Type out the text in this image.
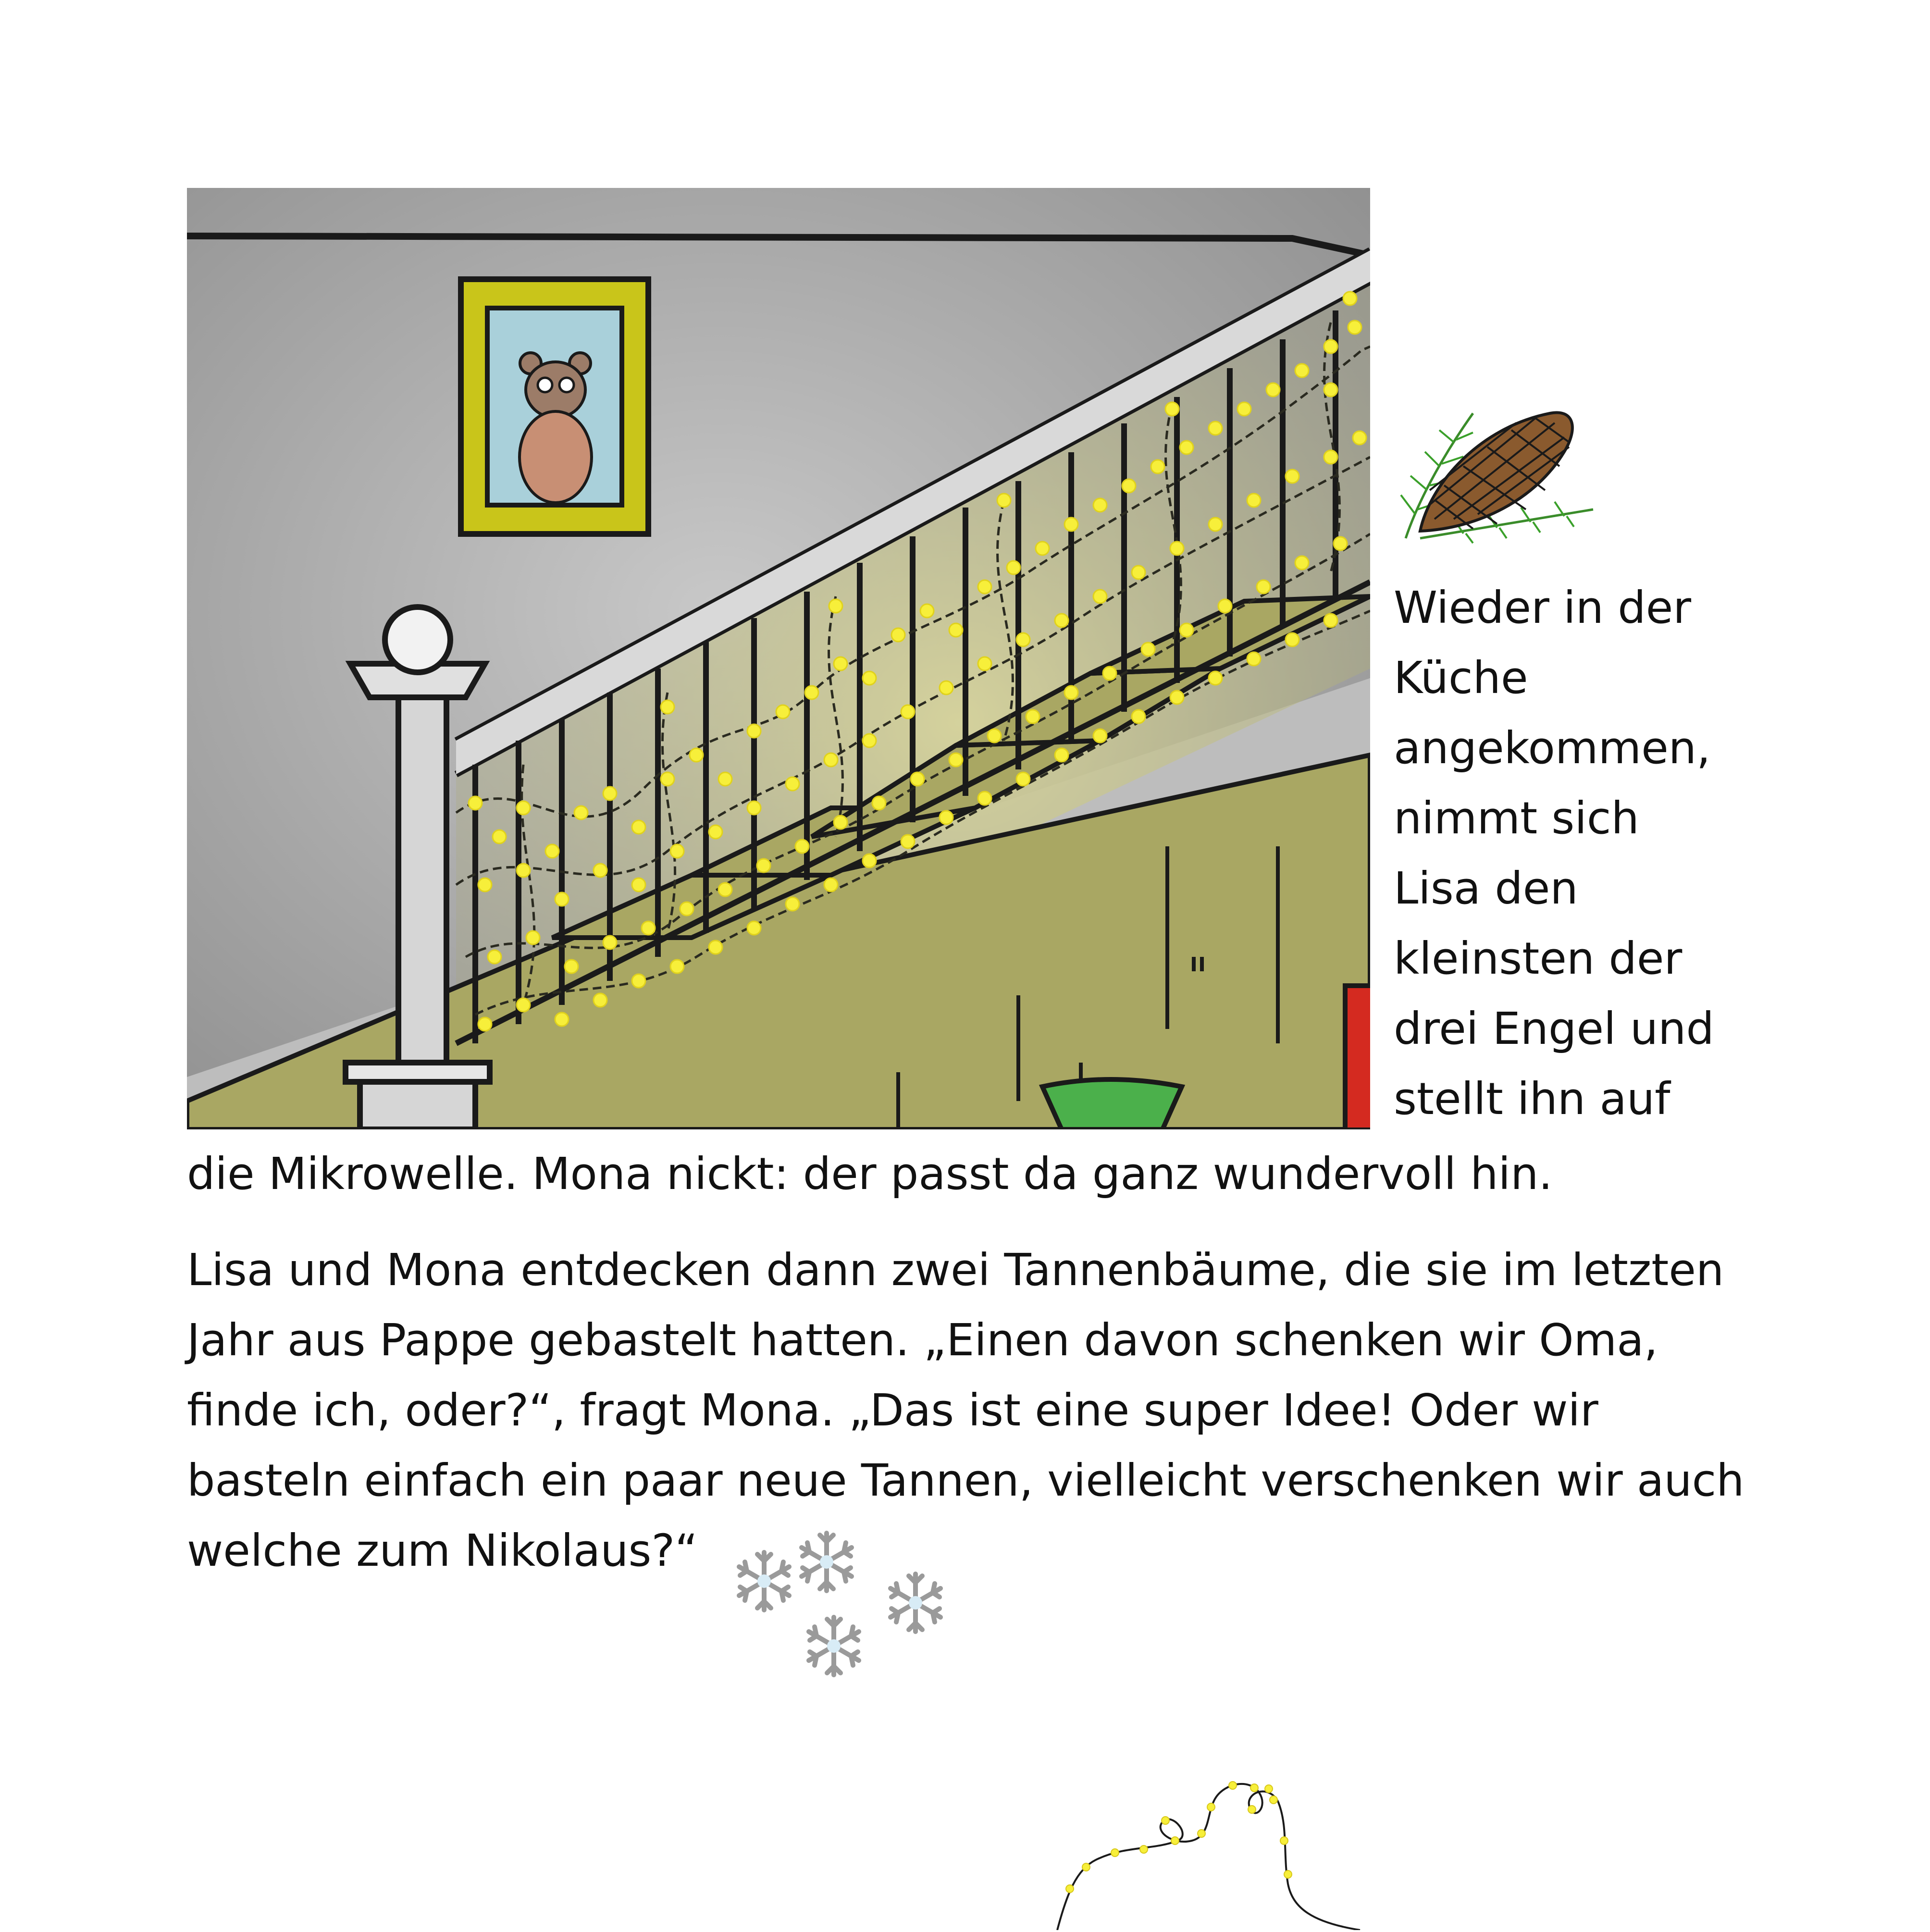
Wieder in der
Küche
angekommen,
nimmt sich
Lisa den
kleinsten der
drei Engel und
stellt ihn auf
die Mikrowelle. Mona nickt: der passt da ganz wundervoll hin.
Lisa und Mona entdecken dann zwei Tannenbäume, die sie im letzten
Jahr aus Pappe gebastelt hatten. „Einen davon schenken wir Oma,
finde ich, oder?“, fragt Mona. „Das ist eine super Idee! Oder wir
basteln einfach ein paar neue Tannen, vielleicht verschenken wir auch
welche zum Nikolaus?“
